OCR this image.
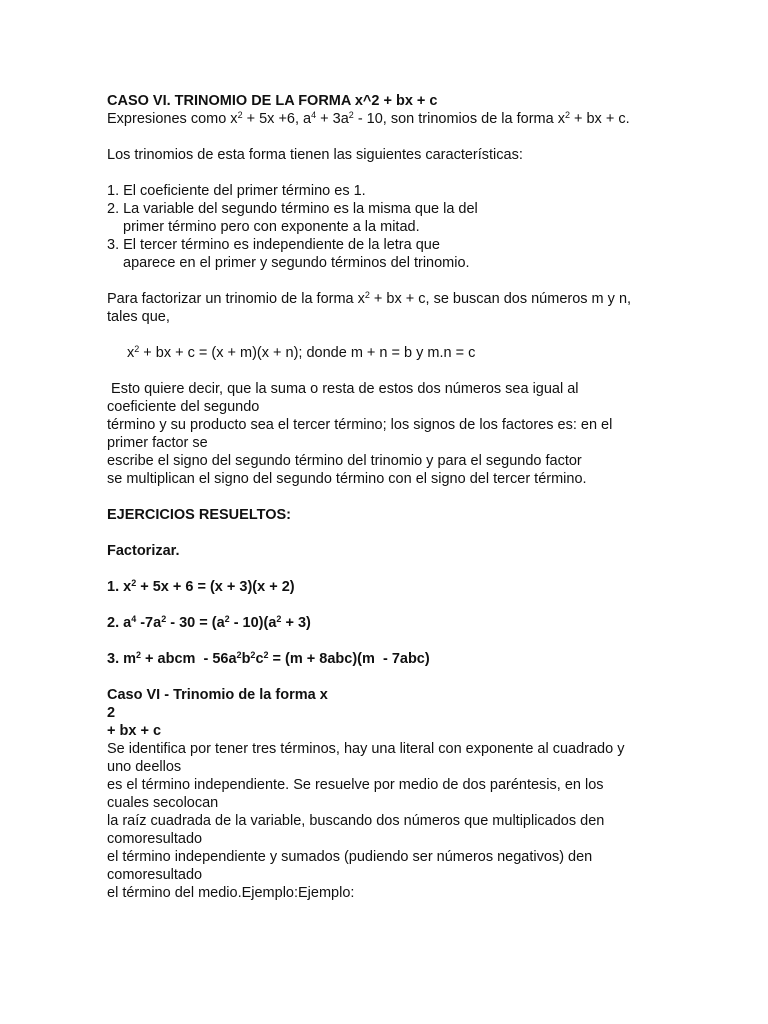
CASO VI. TRINOMIO DE LA FORMA x^2 + bx + c

Expresiones como $x^2 + 5x +6$, $a^4 + 3a^2 - 10$, son trinomios de la forma $x^2$ + bx + c.

Los trinomios de esta forma tienen las siguientes características:

1. El coeficiente del primer término es 1.

2. La variable del segundo término es la misma que la del

primer término pero con exponente a la mitad.

3. El tercer término es independiente de la letra que

aparece en el primer y segundo términos del trinomio.

Para factorizar un trinomio de la forma $x^2$ + bx + c, se buscan dos números m y n,

tales que,

$x^2$ + bx + c = (x + m)(x + n); donde m + n = b y m.n = c

Esto quiere decir, que la suma o resta de estos dos números sea igual al

coeficiente del segundo

término y su producto sea el tercer término; los signos de los factores es: en el

primer factor se

escribe el signo del segundo término del trinomio y para el segundo factor

se multiplican el signo del segundo término con el signo del tercer término.

EJERCICIOS RESUELTOS:

Factorizar.

1. $x^2 + 5x + 6 = (x + 3)(x + 2)$

2. $a^4$ $-7a^2 - 30 = (a^2 - 10)(a^2 + 3)$

3. $m^2$ + abcm  - $56a^2b^2c^2 = (m + 8abc)(m - 7abc)$

Caso VI - Trinomio de la forma x

2

+ bx + c

Se identifica por tener tres términos, hay una literal con exponente al cuadrado y

uno deellos

es el término independiente. Se resuelve por medio de dos paréntesis, en los

cuales secolocan

la raíz cuadrada de la variable, buscando dos números que multiplicados den

comoresultado

el término independiente y sumados (pudiendo ser números negativos) den

comoresultado

el término del medio.Ejemplo:Ejemplo:
